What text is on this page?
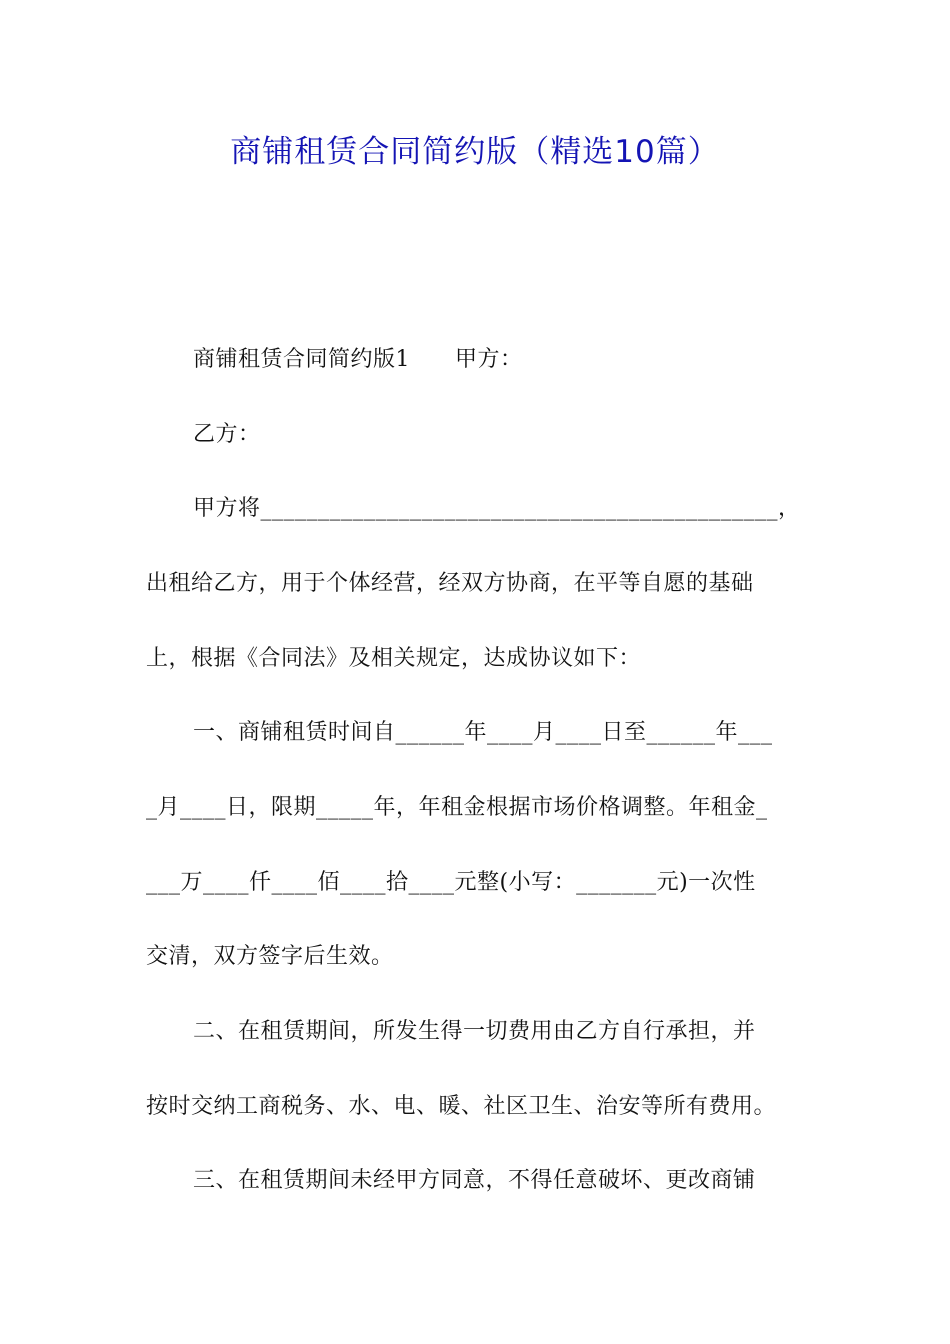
商铺租赁合同简约版（精选10篇）
商铺租赁合同简约版1　　甲方：
乙方：
甲方将_____________________________________________，
出租给乙方，用于个体经营，经双方协商，在平等自愿的基础
上，根据《合同法》及相关规定，达成协议如下：
一、商铺租赁时间自______年____月____日至______年___
_月____日，限期_____年，年租金根据市场价格调整。年租金_
___万____仟____佰____拾____元整(小写：_______元)一次性
交清，双方签字后生效。
二、在租赁期间，所发生得一切费用由乙方自行承担，并
按时交纳工商税务、水、电、暖、社区卫生、治安等所有费用。
三、在租赁期间未经甲方同意，不得任意破坏、更改商铺
